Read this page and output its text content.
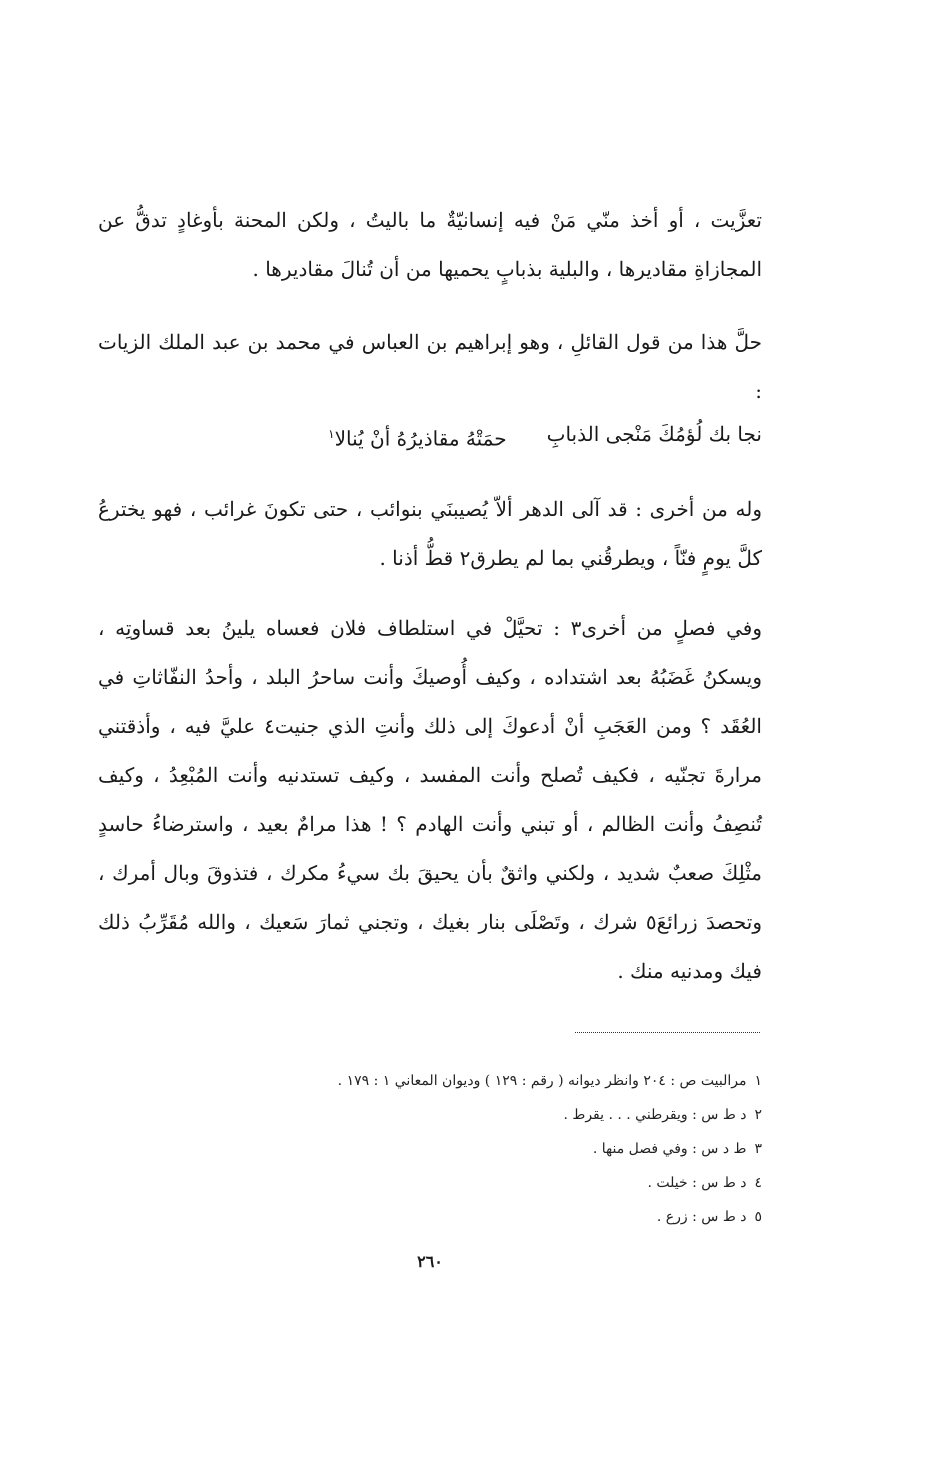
تعزَّيت ، أو أخذ منّي مَنْ فيه إنسانيّةٌ ما باليتُ ، ولكن المحنة بأوغادٍ تدقُّ عن المجازاةِ مقاديرها ، والبلية بذبابٍ يحميها من أن تُنالَ مقاديرها .

حلَّ هذا من قول القائلِ ، وهو إبراهيم بن العباس في محمد بن عبد الملك الزيات :

نجا بك لُؤمُكَ مَنْجى الذبابِ
حمَتْهُ مقاذيرُهُ أنْ يُنالا$^١$

وله من أخرى : قد آلى الدهر ألاّ يُصيبنَي بنوائب ، حتى تكونَ غرائب ، فهو يخترعُ كلَّ يومٍ فنّاً ، ويطرقُني بما لم يطرق٢ قطُّ أذنا .

وفي فصلٍ من أخرى٣ : تحيَّلْ في استلطاف فلان فعساه يلينُ بعد قساوتِه ، ويسكنُ غَضَبُهُ بعد اشتداده ، وكيف أُوصيكَ وأنت ساحرُ البلد ، وأحدُ النفّاثاتِ في العُقَد ؟ ومن العَجَبِ أنْ أدعوكَ إلى ذلك وأنتِ الذي جنيت٤ عليَّ فيه ، وأذقتني مرارةَ تجنّيه ، فكيف تُصلح وأنت المفسد ، وكيف تستدنيه وأنت المُبْعِدُ ، وكيف تُنصِفُ وأنت الظالم ، أو تبني وأنت الهادم ؟ ! هذا مرامٌ بعيد ، واسترضاءُ حاسدٍ مثْلِكَ صعبٌ شديد ، ولكني واثقٌ بأن يحيقَ بك سيءُ مكرك ، فتذوقَ وبال أمرك ، وتحصدَ زرائعَ٥ شرك ، وتَصْلَى بنار بغيك ، وتجني ثمارَ سَعيك ، والله مُقَرِّبُ ذلك فيك ومدنيه منك .

١مرالبيت ص : ٢٠٤ وانظر ديوانه ( رقم : ١٢٩ ) وديوان المعاني ١ : ١٧٩ .
٢د ط س : ويقرطني . . . يقرط .
٣ط د س : وفي فصل منها .
٤د ط س : خيلت .
٥د ط س : زرع .
٢٦٠
